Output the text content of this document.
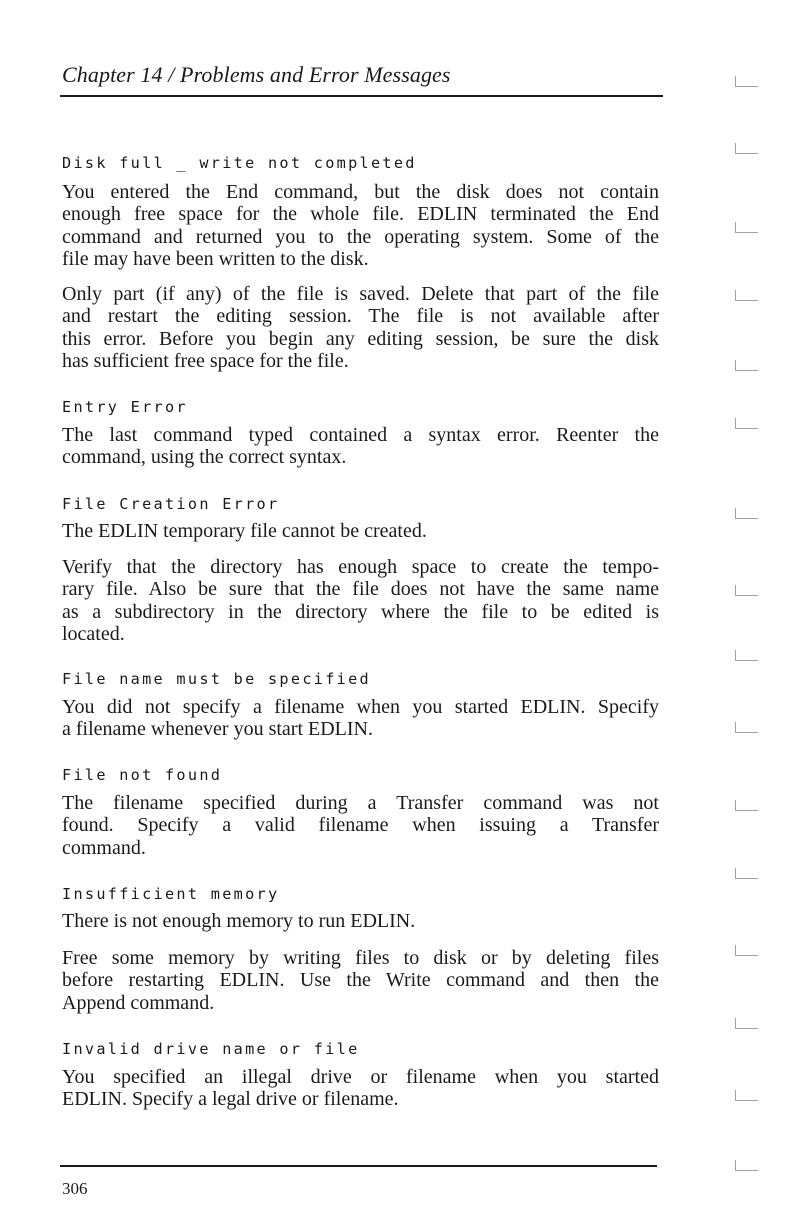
Chapter 14 / Problems and Error Messages
Disk full _ write not completed
You entered the End command, but the disk does not contain
enough free space for the whole file. EDLIN terminated the End
command and returned you to the operating system. Some of the
file may have been written to the disk.
Only part (if any) of the file is saved. Delete that part of the file
and restart the editing session. The file is not available after
this error. Before you begin any editing session, be sure the disk
has sufficient free space for the file.
Entry Error
The last command typed contained a syntax error. Reenter the
command, using the correct syntax.
File Creation Error
The EDLIN temporary file cannot be created.
Verify that the directory has enough space to create the tempo-
rary file. Also be sure that the file does not have the same name
as a subdirectory in the directory where the file to be edited is
located.
File name must be specified
You did not specify a filename when you started EDLIN. Specify
a filename whenever you start EDLIN.
File not found
The filename specified during a Transfer command was not
found. Specify a valid filename when issuing a Transfer
command.
Insufficient memory
There is not enough memory to run EDLIN.
Free some memory by writing files to disk or by deleting files
before restarting EDLIN. Use the Write command and then the
Append command.
Invalid drive name or file
You specified an illegal drive or filename when you started
EDLIN. Specify a legal drive or filename.
306
